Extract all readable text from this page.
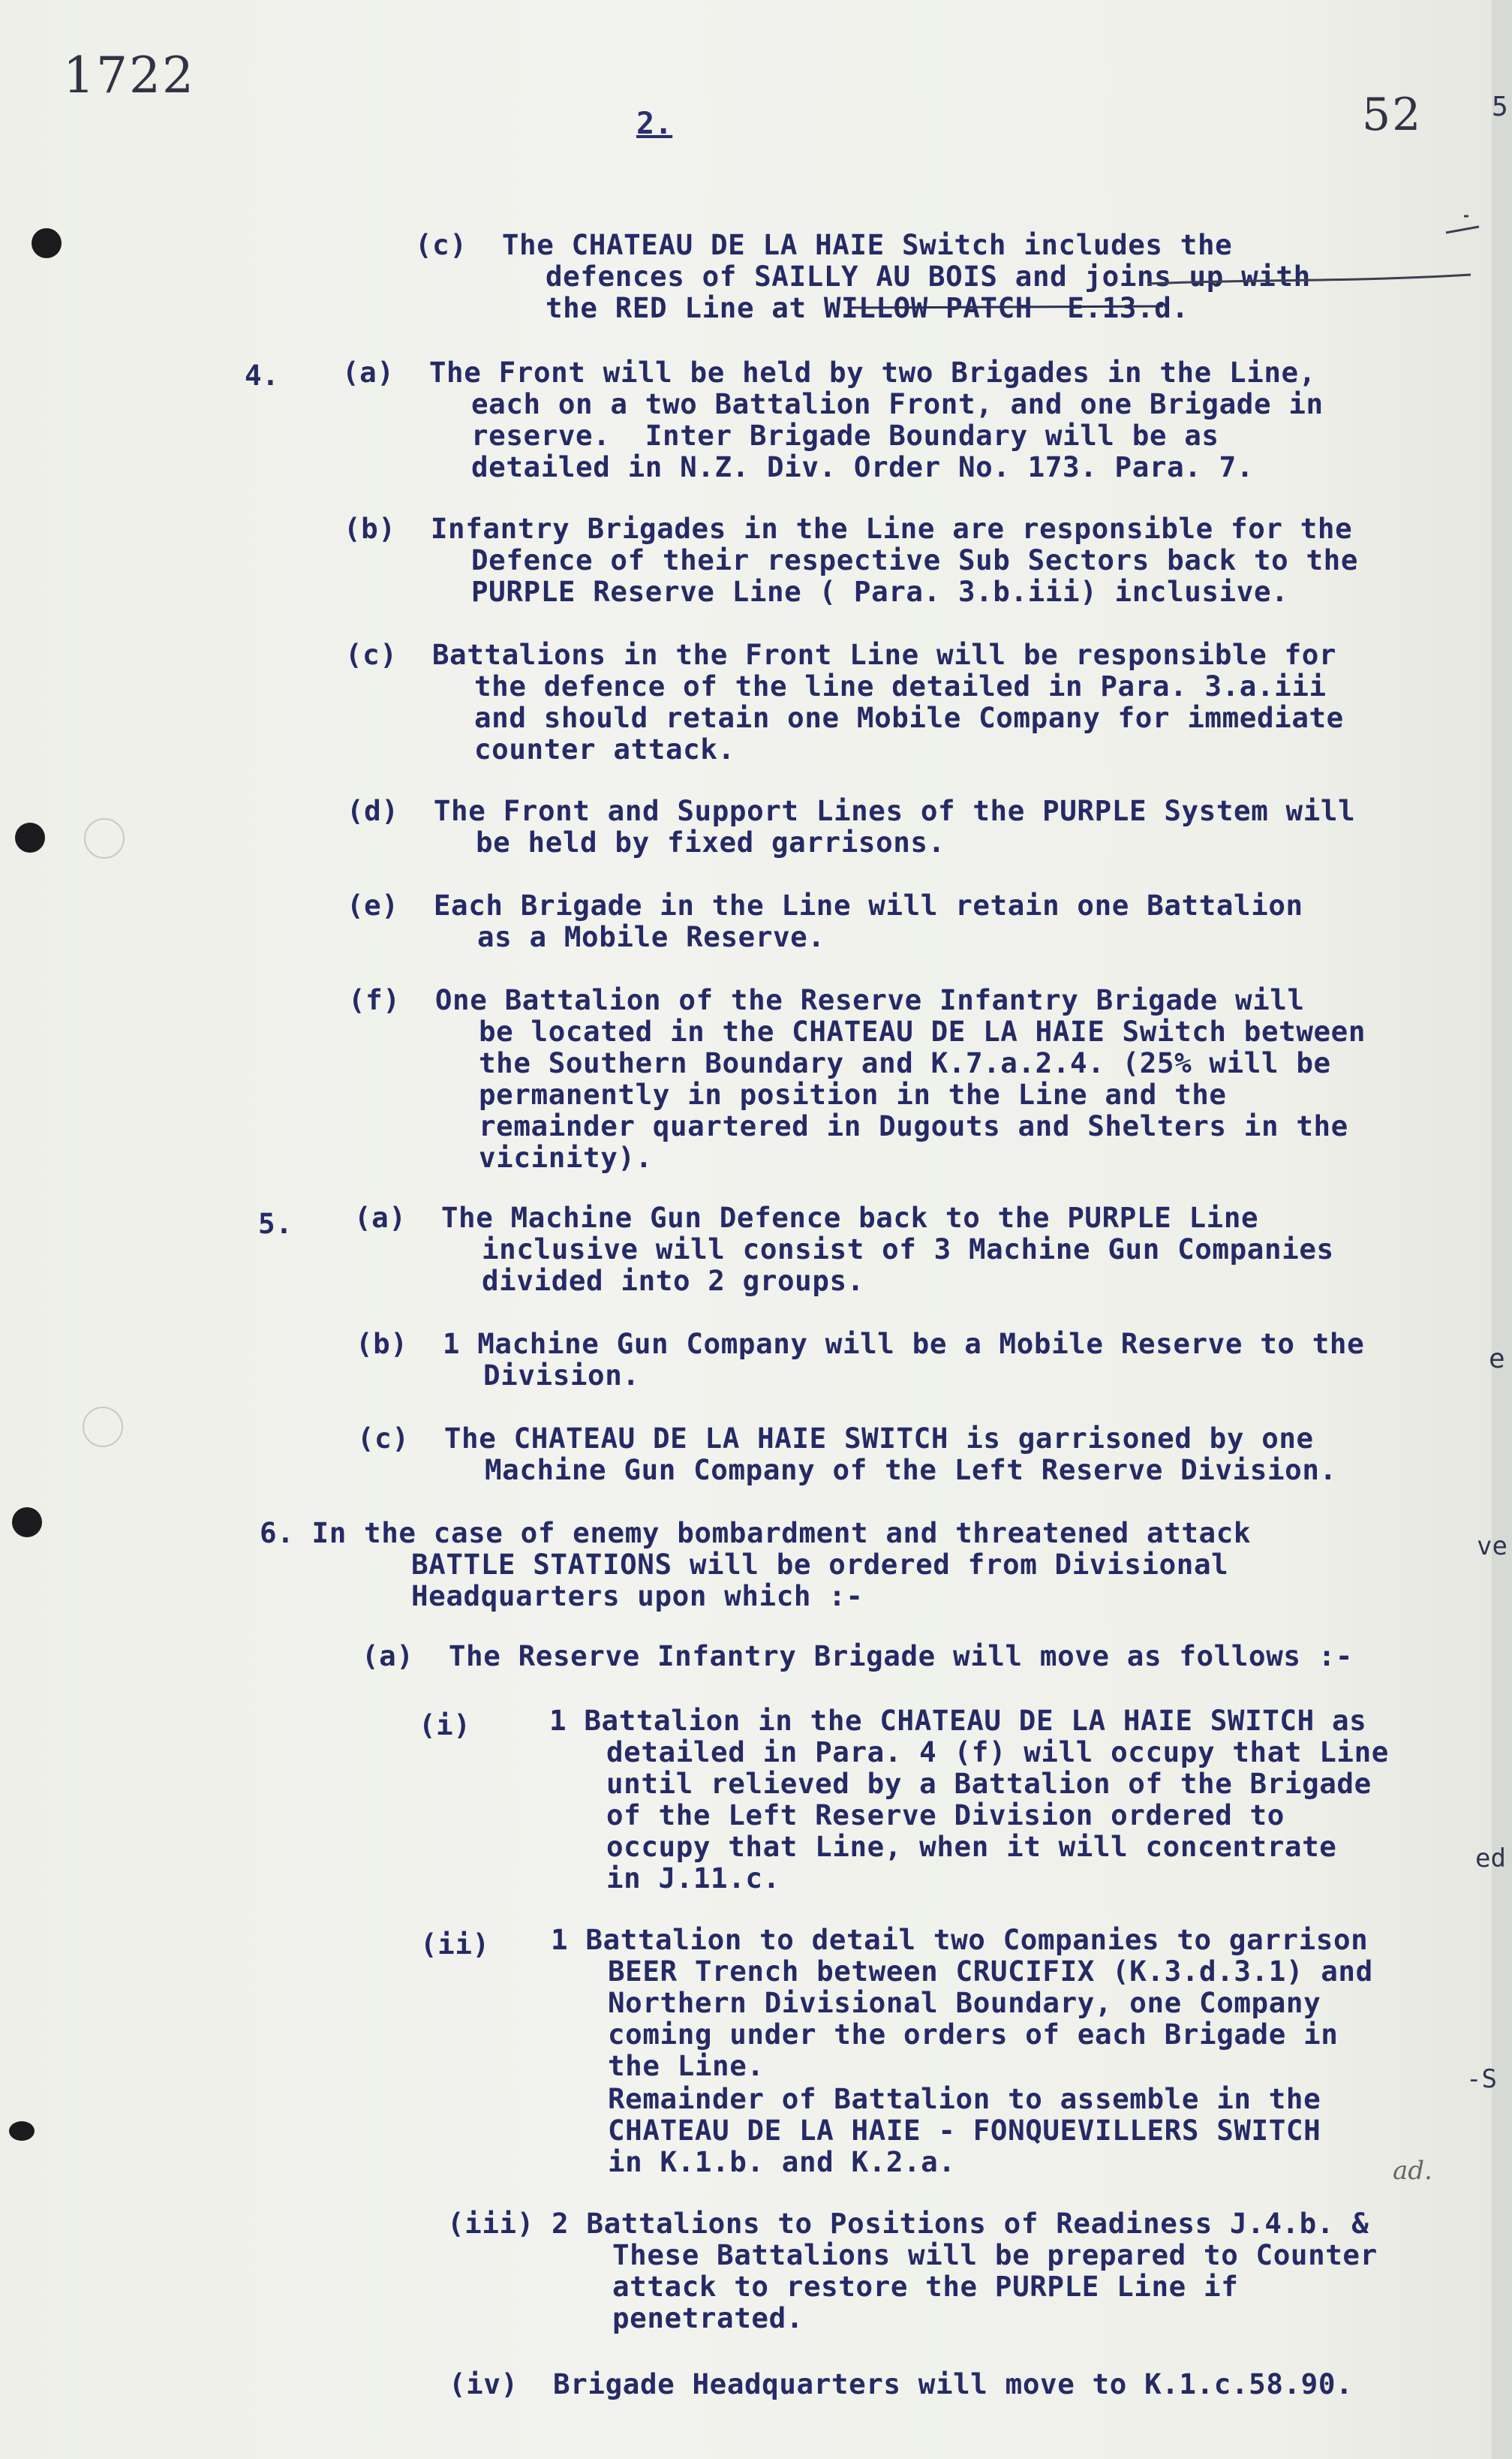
1722
52
2.
(c)  The CHATEAU DE LA HAIE Switch includes the
defences of SAILLY AU BOIS and joins up with
the RED Line at WILLOW PATCH  E.13.d.
4. (a)  The Front will be held by two Brigades in the Line,
each on a two Battalion Front, and one Brigade in
reserve.  Inter Brigade Boundary will be as
detailed in N.Z. Div. Order No. 173. Para. 7.
(b)  Infantry Brigades in the Line are responsible for the
Defence of their respective Sub Sectors back to the
PURPLE Reserve Line ( Para. 3.b.iii) inclusive.
(c)  Battalions in the Front Line will be responsible for
the defence of the line detailed in Para. 3.a.iii
and should retain one Mobile Company for immediate
counter attack.
(d)  The Front and Support Lines of the PURPLE System will
be held by fixed garrisons.
(e)  Each Brigade in the Line will retain one Battalion
as a Mobile Reserve.
(f)  One Battalion of the Reserve Infantry Brigade will
be located in the CHATEAU DE LA HAIE Switch between
the Southern Boundary and K.7.a.2.4. (25% will be
permanently in position in the Line and the
remainder quartered in Dugouts and Shelters in the
vicinity).
5. (a)  The Machine Gun Defence back to the PURPLE Line
inclusive will consist of 3 Machine Gun Companies
divided into 2 groups.
(b)  1 Machine Gun Company will be a Mobile Reserve to the
Division.
(c)  The CHATEAU DE LA HAIE SWITCH is garrisoned by one
Machine Gun Company of the Left Reserve Division.
6. In the case of enemy bombardment and threatened attack
BATTLE STATIONS will be ordered from Divisional
Headquarters upon which :-
(a)  The Reserve Infantry Brigade will move as follows :-
(i)	1 Battalion in the CHATEAU DE LA HAIE SWITCH as
detailed in Para. 4 (f) will occupy that Line
until relieved by a Battalion of the Brigade
of the Left Reserve Division ordered to
occupy that Line, when it will concentrate
in J.11.c.
(ii) 1 Battalion to detail two Companies to garrison
BEER Trench between CRUCIFIX (K.3.d.3.1) and
Northern Divisional Boundary, one Company
coming under the orders of each Brigade in
the Line.
Remainder of Battalion to assemble in the
CHATEAU DE LA HAIE - FONQUEVILLERS SWITCH
in K.1.b. and K.2.a.
(iii) 2 Battalions to Positions of Readiness J.4.b. &
ad.
These Battalions will be prepared to Counter
attack to restore the PURPLE Line if
penetrated.
(iv)  Brigade Headquarters will move to K.1.c.58.90.
5
e
ve
ed
-S
